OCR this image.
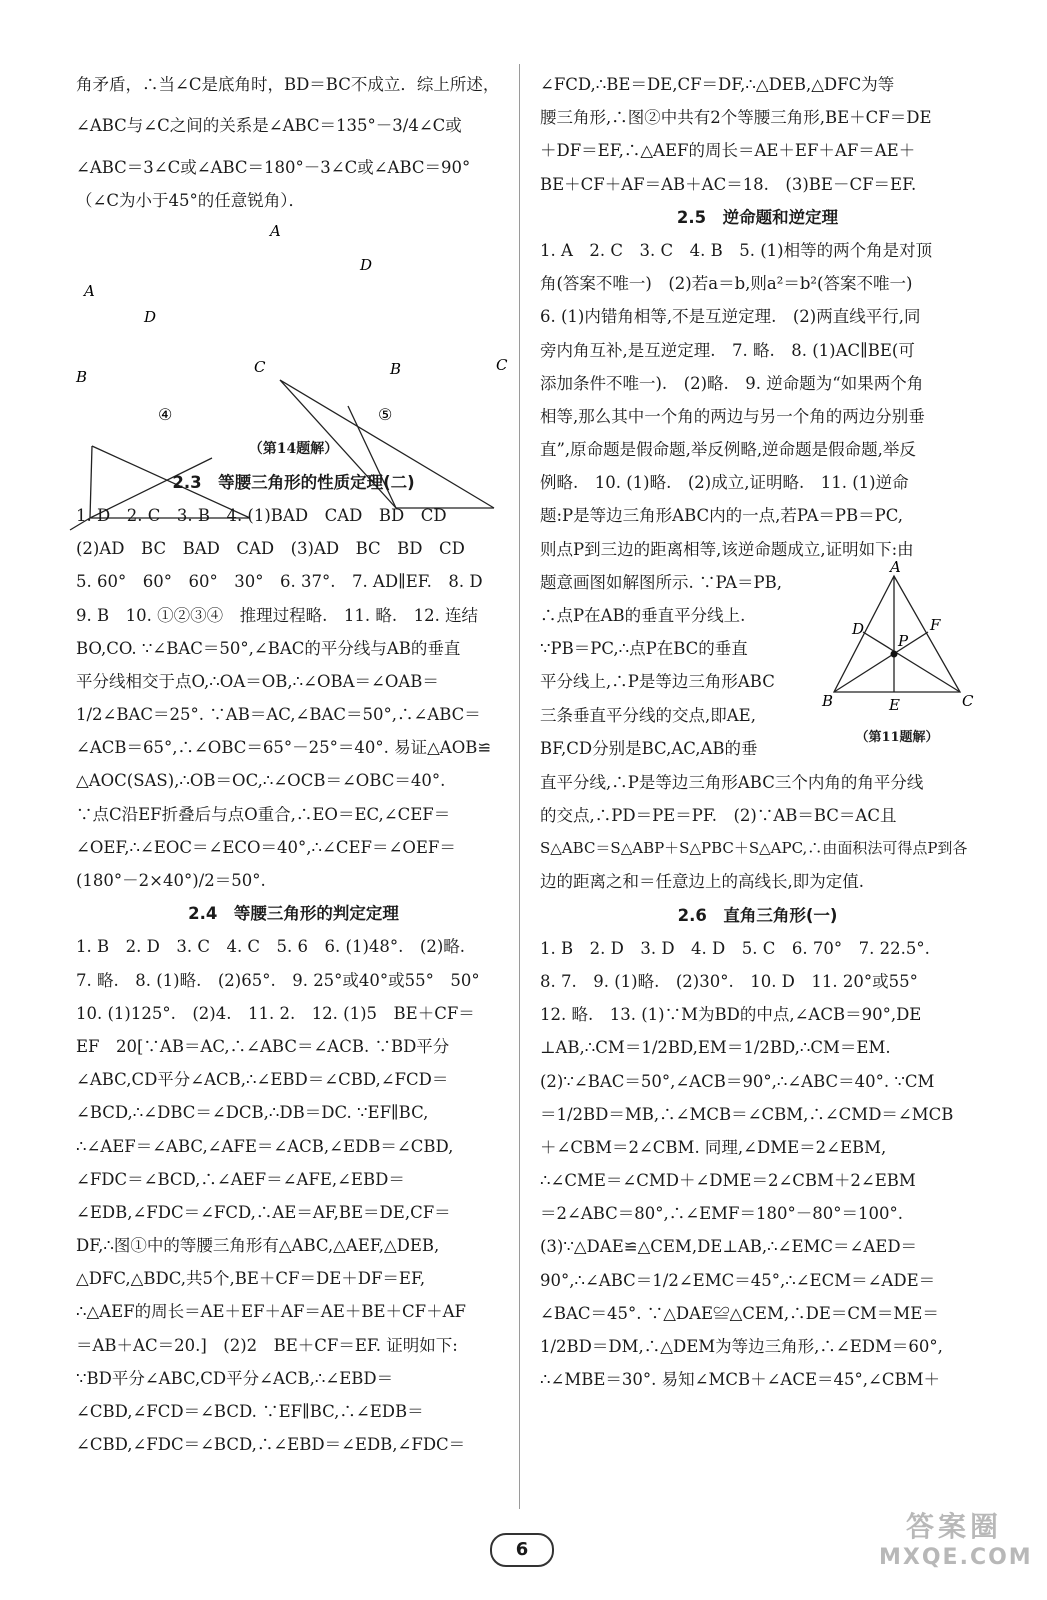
角矛盾，∴当∠C是底角时，BD＝BC不成立．综上所述，
∠ABC与∠C之间的关系是∠ABC＝135°－3/4∠C或
∠ABC＝3∠C或∠ABC＝180°－3∠C或∠ABC＝90°
（∠C为小于45°的任意锐角）．
A
B
C
D
④
A
B	C
D
⑤
（第14题解）
2.3　等腰三角形的性质定理(二)
1. D　2. C　3. B　4. (1)BAD　CAD　BD　CD
(2)AD　BC　BAD　CAD　(3)AD　BC　BD　CD
5. 60°　60°　60°　30°　6. 37°.　7. AD∥EF.　8. D
9. B　10. ①②③④　推理过程略.　11. 略.　12. 连结
BO,CO. ∵∠BAC＝50°,∠BAC的平分线与AB的垂直
平分线相交于点O,∴OA＝OB,∴∠OBA＝∠OAB＝
1/2∠BAC＝25°. ∵AB＝AC,∠BAC＝50°,∴∠ABC＝
∠ACB＝65°,∴∠OBC＝65°－25°＝40°. 易证△AOB≌
△AOC(SAS),∴OB＝OC,∴∠OCB＝∠OBC＝40°.
∵点C沿EF折叠后与点O重合,∴EO＝EC,∠CEF＝
∠OEF,∴∠EOC＝∠ECO＝40°,∴∠CEF＝∠OEF＝
(180°－2×40°)/2＝50°.
2.4　等腰三角形的判定定理
1. B　2. D　3. C　4. C　5. 6　6. (1)48°.　(2)略.
7. 略.　8. (1)略.　(2)65°.　9. 25°或40°或55°　50°
10. (1)125°.　(2)4.　11. 2.　12. (1)5　BE＋CF＝
EF　20[∵AB＝AC,∴∠ABC＝∠ACB. ∵BD平分
∠ABC,CD平分∠ACB,∴∠EBD＝∠CBD,∠FCD＝
∠BCD,∴∠DBC＝∠DCB,∴DB＝DC. ∵EF∥BC,
∴∠AEF＝∠ABC,∠AFE＝∠ACB,∠EDB＝∠CBD,
∠FDC＝∠BCD,∴∠AEF＝∠AFE,∠EBD＝
∠EDB,∠FDC＝∠FCD,∴AE＝AF,BE＝DE,CF＝
DF,∴图①中的等腰三角形有△ABC,△AEF,△DEB,
△DFC,△BDC,共5个,BE＋CF＝DE＋DF＝EF,
∴△AEF的周长＝AE＋EF＋AF＝AE＋BE＋CF＋AF
＝AB＋AC＝20.]　(2)2　BE＋CF＝EF. 证明如下:
∵BD平分∠ABC,CD平分∠ACB,∴∠EBD＝
∠CBD,∠FCD＝∠BCD. ∵EF∥BC,∴∠EDB＝
∠CBD,∠FDC＝∠BCD,∴∠EBD＝∠EDB,∠FDC＝
∠FCD,∴BE＝DE,CF＝DF,∴△DEB,△DFC为等
腰三角形,∴图②中共有2个等腰三角形,BE＋CF＝DE
＋DF＝EF,∴△AEF的周长＝AE＋EF＋AF＝AE＋
BE＋CF＋AF＝AB＋AC＝18.　(3)BE－CF＝EF.
2.5　逆命题和逆定理
1. A　2. C　3. C　4. B　5. (1)相等的两个角是对顶
角(答案不唯一)　(2)若a＝b,则a²＝b²(答案不唯一)
6. (1)内错角相等,不是互逆定理.　(2)两直线平行,同
旁内角互补,是互逆定理.　7. 略.　8. (1)AC∥BE(可
添加条件不唯一).　(2)略.　9. 逆命题为“如果两个角
相等,那么其中一个角的两边与另一个角的两边分别垂
直”,原命题是假命题,举反例略,逆命题是假命题,举反
例略.　10. (1)略.　(2)成立,证明略.　11. (1)逆命
题:P是等边三角形ABC内的一点,若PA＝PB＝PC,
则点P到三边的距离相等,该逆命题成立,证明如下:由
题意画图如解图所示. ∵PA＝PB,
∴点P在AB的垂直平分线上.
∵PB＝PC,∴点P在BC的垂直
平分线上,∴P是等边三角形ABC
三条垂直平分线的交点,即AE,
BF,CD分别是BC,AC,AB的垂
A
B	C
D
E
F
P
（第11题解）
直平分线,∴P是等边三角形ABC三个内角的角平分线
的交点,∴PD＝PE＝PF.　(2)∵AB＝BC＝AC且
S△ABC＝S△ABP＋S△PBC＋S△APC,∴由面积法可得点P到各
边的距离之和＝任意边上的高线长,即为定值.
2.6　直角三角形(一)
1. B　2. D　3. D　4. D　5. C　6. 70°　7. 22.5°.
8. 7.　9. (1)略.　(2)30°.　10. D　11. 20°或55°
12. 略.　13. (1)∵M为BD的中点,∠ACB＝90°,DE
⊥AB,∴CM＝1/2BD,EM＝1/2BD,∴CM＝EM.
(2)∵∠BAC＝50°,∠ACB＝90°,∴∠ABC＝40°. ∵CM
＝1/2BD＝MB,∴∠MCB＝∠CBM,∴∠CMD＝∠MCB
＋∠CBM＝2∠CBM. 同理,∠DME＝2∠EBM,
∴∠CME＝∠CMD＋∠DME＝2∠CBM＋2∠EBM
＝2∠ABC＝80°,∴∠EMF＝180°－80°＝100°.
(3)∵△DAE≌△CEM,DE⊥AB,∴∠EMC＝∠AED＝
90°,∴∠ABC＝1/2∠EMC＝45°,∴∠ECM＝∠ADE＝
∠BAC＝45°. ∵△DAE≌△CEM,∴DE＝CM＝ME＝
1/2BD＝DM,∴△DEM为等边三角形,∴∠EDM＝60°,
∴∠MBE＝30°. 易知∠MCB＋∠ACE＝45°,∠CBM＋
6
答案圈
MXQE.COM
